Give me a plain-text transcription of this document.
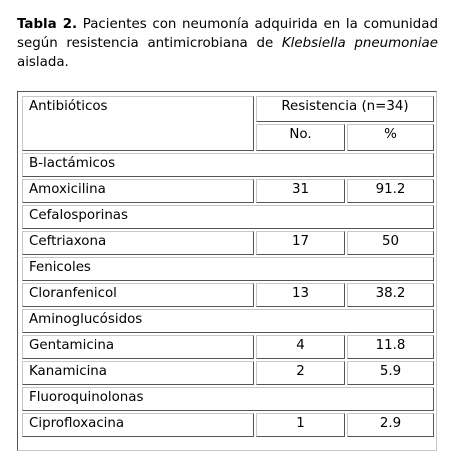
Tabla 2. Pacientes con neumonía adquirida en la comunidad según resistencia antimicrobiana de Klebsiella pneumoniae aislada.
Antibióticos	Resistencia (n=34)
No.	%
B-lactámicos
Amoxicilina	31	91.2
Cefalosporinas
Ceftriaxona	17	50
Fenicoles
Cloranfenicol	13	38.2
Aminoglucósidos
Gentamicina	4	11.8
Kanamicina	2	5.9
Fluoroquinolonas
Ciprofloxacina	1	2.9
